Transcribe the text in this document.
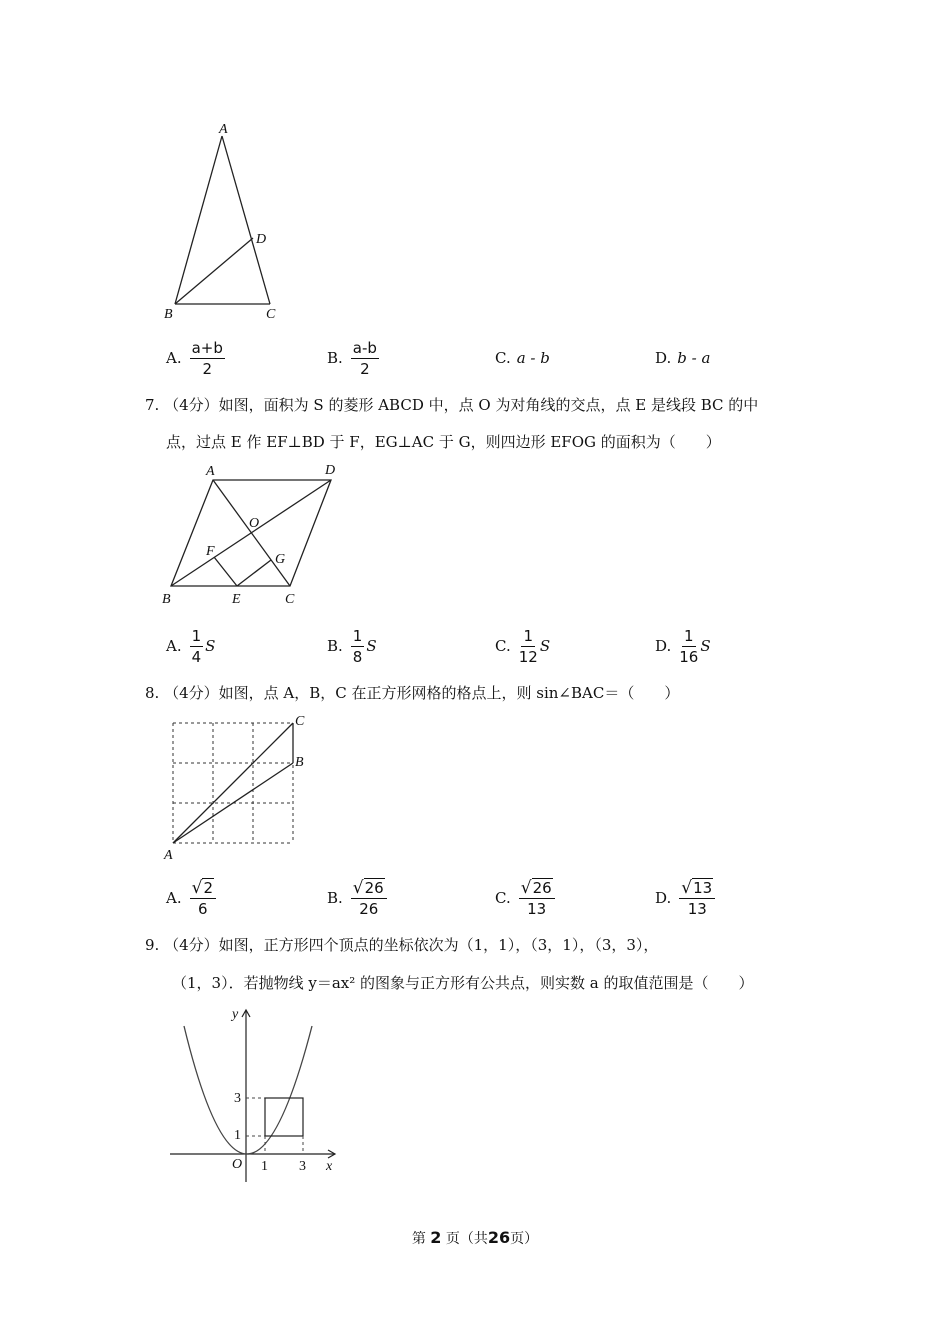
A
D
B	C
A. $\frac{a+b}{2}$	B. $\frac{a-b}{2}$	C. a - b	D. b - a
7. （4分）如图，面积为 S 的菱形 ABCD 中，点 O 为对角线的交点，点 E 是线段 BC 的中
点，过点 E 作 EF⊥BD 于 F，EG⊥AC 于 G，则四边形 EFOG 的面积为（　　）
A	D
O
F
G
B	E	C
A. $\frac{1}{4}$ S	B. $\frac{1}{8}$ S	C. $\frac{1}{12}$ S	D. $\frac{1}{16}$ S
8. （4分）如图，点 A，B，C 在正方形网格的格点上，则 sin∠BAC＝（　　）
C
B
A
A. $\frac{√ 2}{6}$	B. $\frac{√ 26}{26}$	C. $\frac{√ 26}{13}$	D. $\frac{√ 13}{13}$
9. （4分）如图，正方形四个顶点的坐标依次为（1，1），（3，1），（3，3），
（1，3）．若抛物线 y＝ax² 的图象与正方形有公共点，则实数 a 的取值范围是（　　）
y
x
O 1 3
1
3
第 2 页（共26页）
